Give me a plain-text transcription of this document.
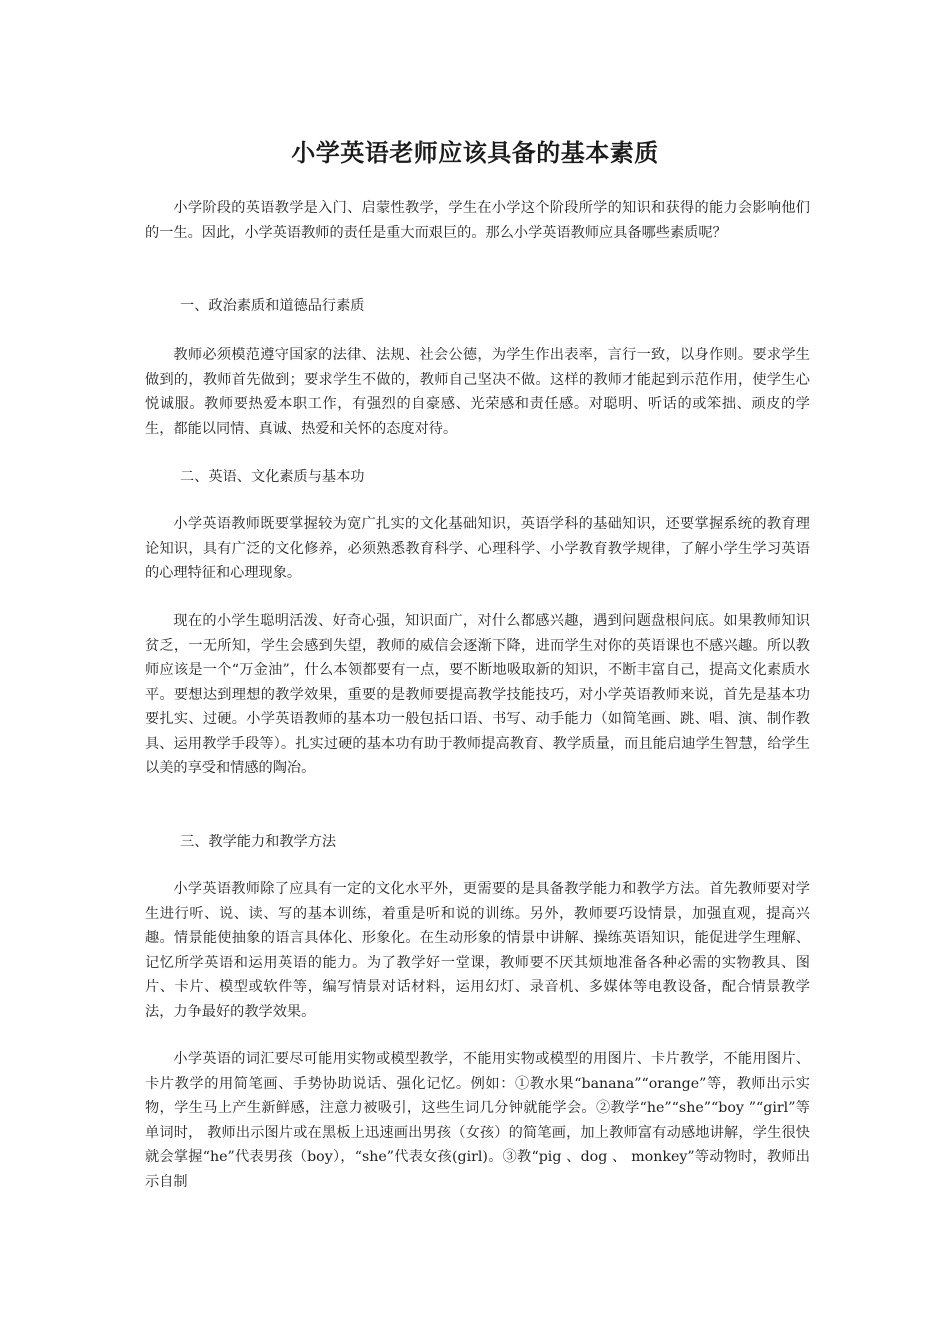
小学英语老师应该具备的基本素质

小学阶段的英语教学是入门、启蒙性教学，学生在小学这个阶段所学的知识和获得的能力会影响他们的一生。因此，小学英语教师的责任是重大而艰巨的。那么小学英语教师应具备哪些素质呢？

一、政治素质和道德品行素质

教师必须模范遵守国家的法律、法规、社会公德，为学生作出表率，言行一致，以身作则。要求学生做到的，教师首先做到；要求学生不做的，教师自己坚决不做。这样的教师才能起到示范作用，使学生心悦诚服。教师要热爱本职工作，有强烈的自豪感、光荣感和责任感。对聪明、听话的或笨拙、顽皮的学生，都能以同情、真诚、热爱和关怀的态度对待。

二、英语、文化素质与基本功

小学英语教师既要掌握较为宽广扎实的文化基础知识，英语学科的基础知识，还要掌握系统的教育理论知识，具有广泛的文化修养，必须熟悉教育科学、心理科学、小学教育教学规律，了解小学生学习英语的心理特征和心理现象。

现在的小学生聪明活泼、好奇心强，知识面广，对什么都感兴趣，遇到问题盘根问底。如果教师知识贫乏，一无所知，学生会感到失望，教师的威信会逐渐下降，进而学生对你的英语课也不感兴趣。所以教师应该是一个“万金油”，什么本领都要有一点，要不断地吸取新的知识，不断丰富自己，提高文化素质水平。要想达到理想的教学效果，重要的是教师要提高教学技能技巧，对小学英语教师来说，首先是基本功要扎实、过硬。小学英语教师的基本功一般包括口语、书写、动手能力（如简笔画、跳、唱、演、制作教具、运用教学手段等）。扎实过硬的基本功有助于教师提高教育、教学质量，而且能启迪学生智慧，给学生以美的享受和情感的陶冶。

三、教学能力和教学方法

小学英语教师除了应具有一定的文化水平外，更需要的是具备教学能力和教学方法。首先教师要对学生进行听、说、读、写的基本训练，着重是听和说的训练。另外，教师要巧设情景，加强直观，提高兴趣。情景能使抽象的语言具体化、形象化。在生动形象的情景中讲解、操练英语知识，能促进学生理解、记忆所学英语和运用英语的能力。为了教学好一堂课，教师要不厌其烦地准备各种必需的实物教具、图片、卡片、模型或软件等，编写情景对话材料，运用幻灯、录音机、多媒体等电教设备，配合情景教学法，力争最好的教学效果。

小学英语的词汇要尽可能用实物或模型教学，不能用实物或模型的用图片、卡片教学，不能用图片、卡片教学的用简笔画、手势协助说话、强化记忆。例如：①教水果“banana”“orange”等，教师出示实物，学生马上产生新鲜感，注意力被吸引，这些生词几分钟就能学会。②教学“he”“she”“boy ”“girl”等单词时， 教师出示图片或在黑板上迅速画出男孩（女孩）的简笔画，加上教师富有动感地讲解，学生很快就会掌握“he”代表男孩（boy），“she”代表女孩(girl)。③教“pig 、dog 、 monkey”等动物时，教师出示自制
